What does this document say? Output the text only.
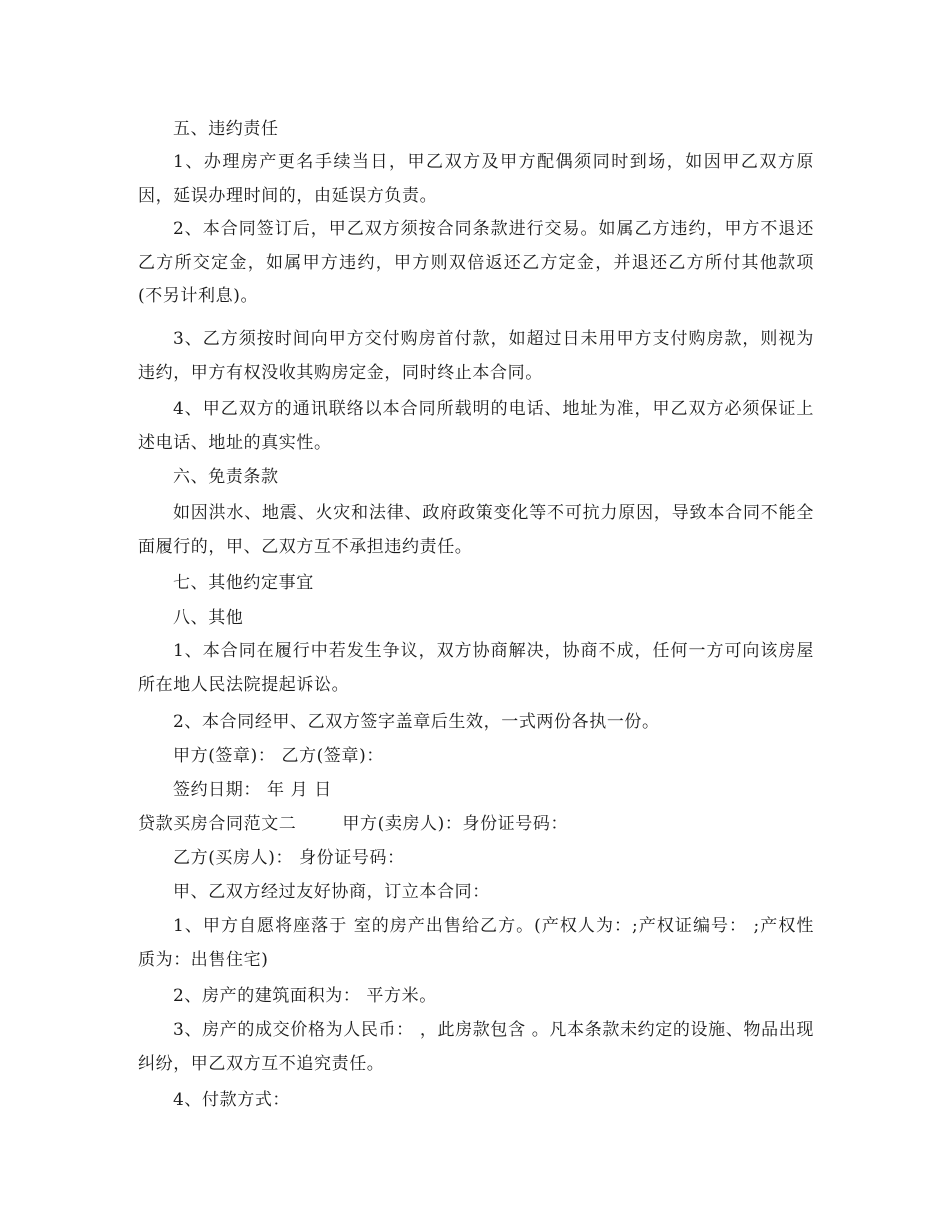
五、违约责任

1、办理房产更名手续当日，甲乙双方及甲方配偶须同时到场，如因甲乙双方原因，延误办理时间的，由延误方负责。

2、本合同签订后，甲乙双方须按合同条款进行交易。如属乙方违约，甲方不退还乙方所交定金，如属甲方违约，甲方则双倍返还乙方定金，并退还乙方所付其他款项(不另计利息)。

3、乙方须按时间向甲方交付购房首付款，如超过日未用甲方支付购房款，则视为违约，甲方有权没收其购房定金，同时终止本合同。

4、甲乙双方的通讯联络以本合同所载明的电话、地址为准，甲乙双方必须保证上述电话、地址的真实性。

六、免责条款

如因洪水、地震、火灾和法律、政府政策变化等不可抗力原因，导致本合同不能全面履行的，甲、乙双方互不承担违约责任。

七、其他约定事宜

八、其他

1、本合同在履行中若发生争议，双方协商解决，协商不成，任何一方可向该房屋所在地人民法院提起诉讼。

2、本合同经甲、乙双方签字盖章后生效，一式两份各执一份。

甲方(签章)： 乙方(签章)：

签约日期： 年 月 日

贷款买房合同范文二	甲方(卖房人)：身份证号码：

乙方(买房人)： 身份证号码：

甲、乙双方经过友好协商，订立本合同：

1、甲方自愿将座落于 室的房产出售给乙方。(产权人为：;产权证编号： ;产权性质为：出售住宅)

2、房产的建筑面积为： 平方米。

3、房产的成交价格为人民币： ，此房款包含 。凡本条款未约定的设施、物品出现纠纷，甲乙双方互不追究责任。

4、付款方式：
